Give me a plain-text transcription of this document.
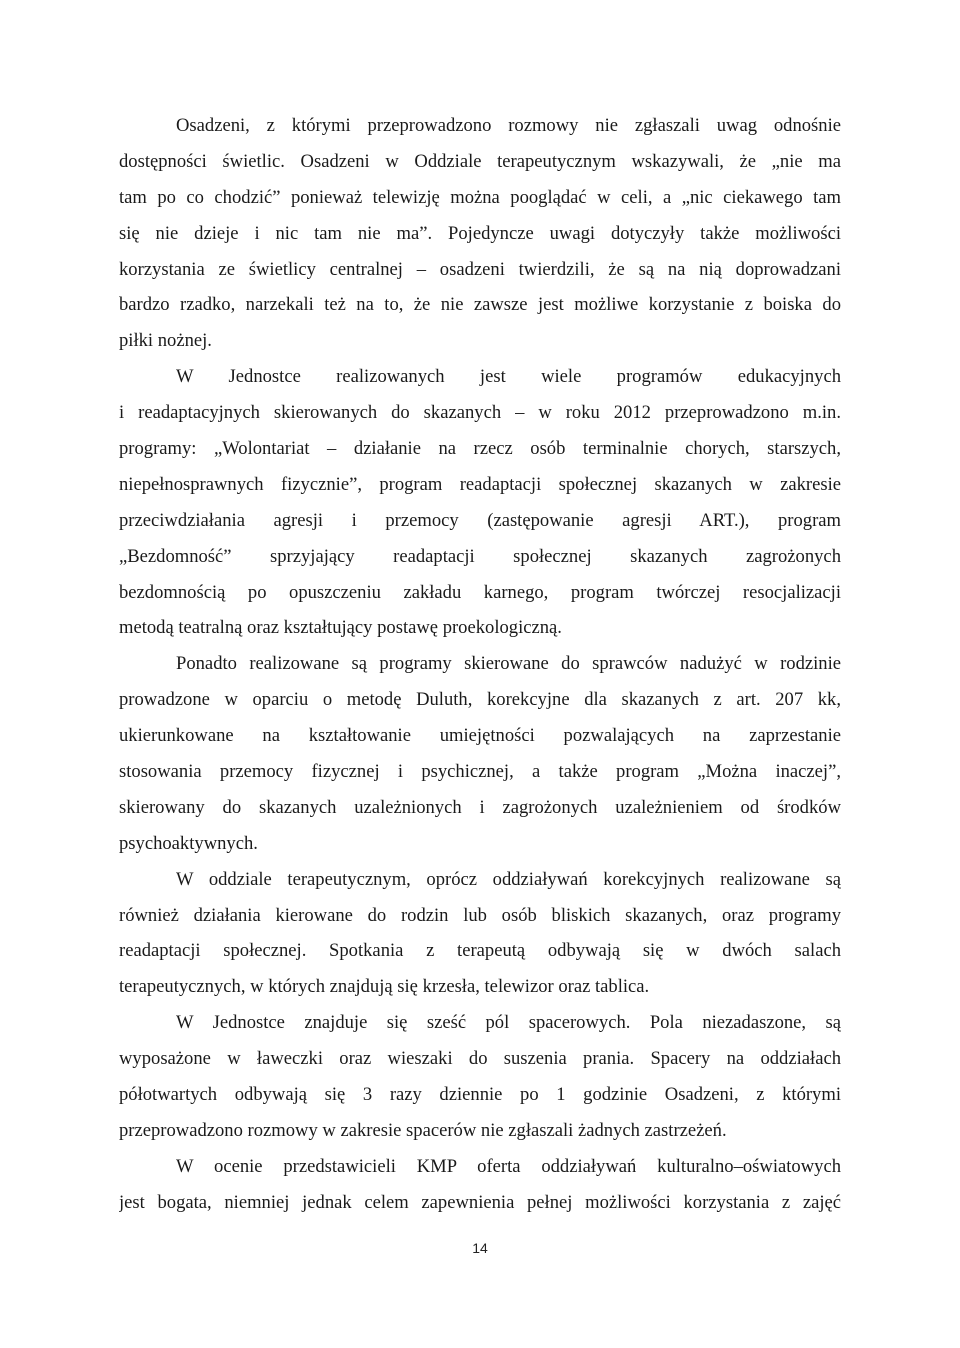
Osadzeni, z którymi przeprowadzono rozmowy nie zgłaszali uwag odnośnie
dostępności świetlic. Osadzeni w Oddziale terapeutycznym wskazywali, że „nie ma
tam po co chodzić” ponieważ telewizję można pooglądać w celi, a „nic ciekawego tam
się nie dzieje i nic tam nie ma”. Pojedyncze uwagi dotyczyły także możliwości
korzystania ze świetlicy centralnej – osadzeni twierdzili, że są na nią doprowadzani
bardzo rzadko, narzekali też na to, że nie zawsze jest możliwe korzystanie z boiska do
piłki nożnej.
W Jednostce realizowanych jest wiele programów edukacyjnych
i readaptacyjnych skierowanych do skazanych – w roku 2012 przeprowadzono m.in.
programy: „Wolontariat – działanie na rzecz osób terminalnie chorych, starszych,
niepełnosprawnych fizycznie”, program readaptacji społecznej skazanych w zakresie
przeciwdziałania agresji i przemocy (zastępowanie agresji ART.), program
„Bezdomność” sprzyjający readaptacji społecznej skazanych zagrożonych
bezdomnością po opuszczeniu zakładu karnego, program twórczej resocjalizacji
metodą teatralną oraz kształtujący postawę proekologiczną.
Ponadto realizowane są programy skierowane do sprawców nadużyć w rodzinie
prowadzone w oparciu o metodę Duluth, korekcyjne dla skazanych z art. 207 kk,
ukierunkowane na kształtowanie umiejętności pozwalających na zaprzestanie
stosowania przemocy fizycznej i psychicznej, a także program „Można inaczej”,
skierowany do skazanych uzależnionych i zagrożonych uzależnieniem od środków
psychoaktywnych.
W oddziale terapeutycznym, oprócz oddziaływań korekcyjnych realizowane są
również działania kierowane do rodzin lub osób bliskich skazanych, oraz programy
readaptacji społecznej. Spotkania z terapeutą odbywają się w dwóch salach
terapeutycznych, w których znajdują się krzesła, telewizor oraz tablica.
W Jednostce znajduje się sześć pól spacerowych. Pola niezadaszone, są
wyposażone w ławeczki oraz wieszaki do suszenia prania. Spacery na oddziałach
półotwartych odbywają się 3 razy dziennie po 1 godzinie Osadzeni, z którymi
przeprowadzono rozmowy w zakresie spacerów nie zgłaszali żadnych zastrzeżeń.
W ocenie przedstawicieli KMP oferta oddziaływań kulturalno–oświatowych
jest bogata, niemniej jednak celem zapewnienia pełnej możliwości korzystania z zajęć
14
